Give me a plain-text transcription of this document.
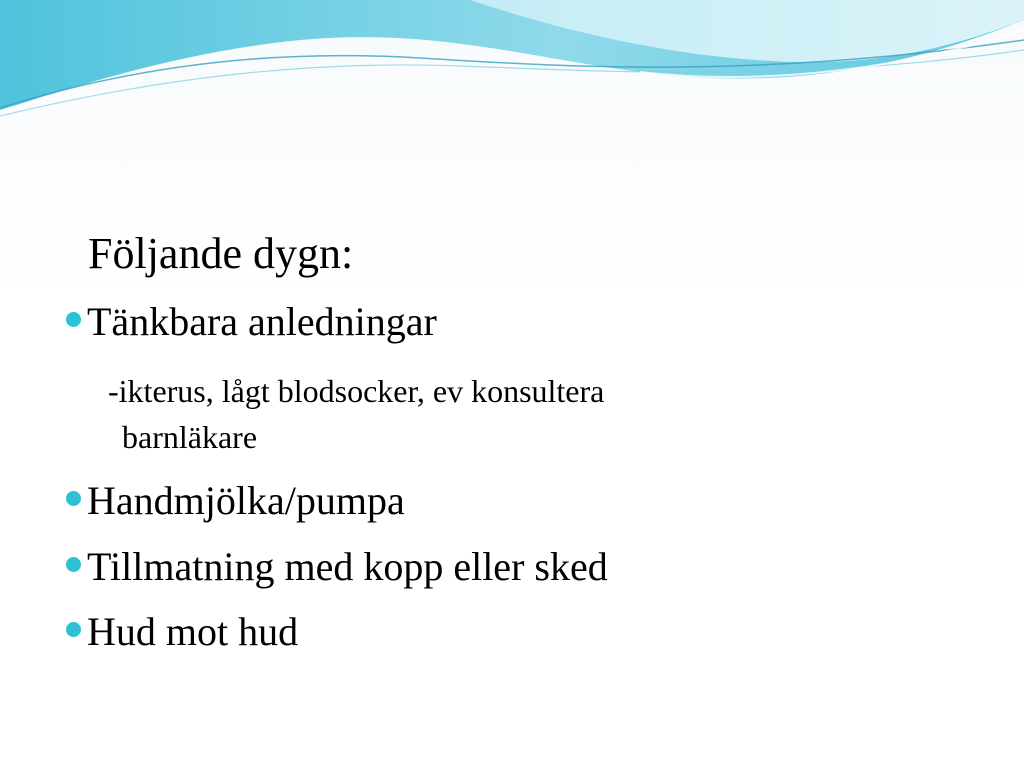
Följande dygn:
Tänkbara anledningar
-ikterus, lågt blodsocker, ev konsultera
barnläkare
Handmjölka/pumpa
Tillmatning med kopp eller sked
Hud mot hud
